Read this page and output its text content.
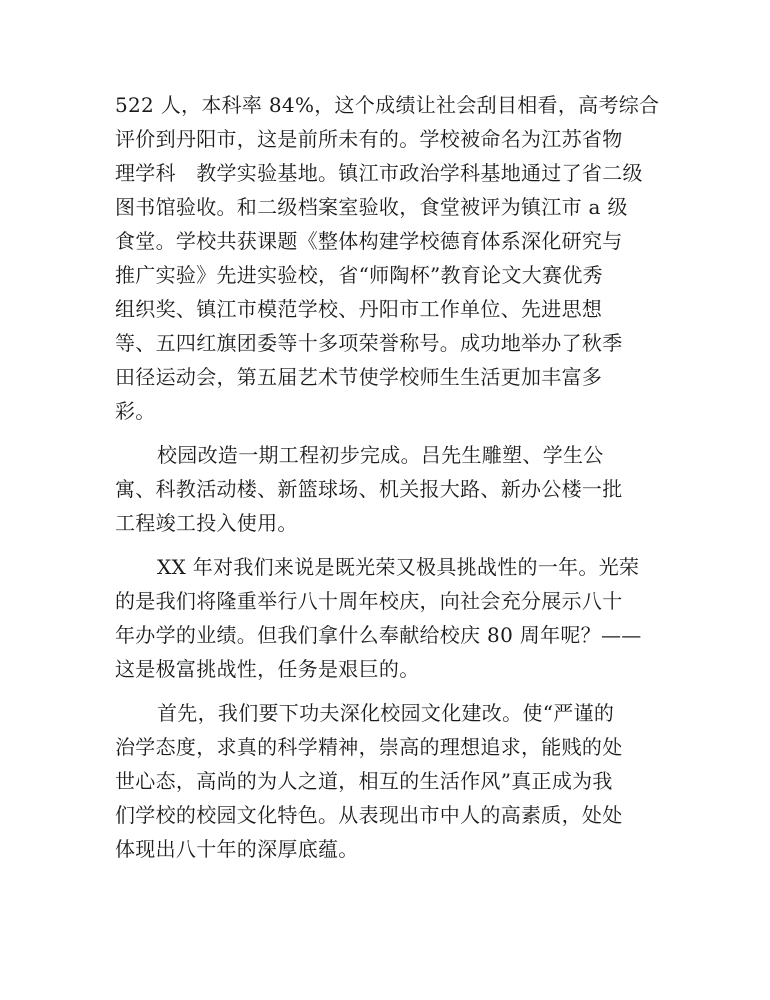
522 人，本科率 84%，这个成绩让社会刮目相看，高考综合
评价到丹阳市，这是前所未有的。学校被命名为江苏省物
理学科　教学实验基地。镇江市政治学科基地通过了省二级
图书馆验收。和二级档案室验收，食堂被评为镇江市 a 级
食堂。学校共获课题《整体构建学校德育体系深化研究与
推广实验》先进实验校，省“师陶杯”教育论文大赛优秀
组织奖、镇江市模范学校、丹阳市工作单位、先进思想
等、五四红旗团委等十多项荣誉称号。成功地举办了秋季
田径运动会，第五届艺术节使学校师生生活更加丰富多
彩。
校园改造一期工程初步完成。吕先生雕塑、学生公
寓、科教活动楼、新篮球场、机关报大路、新办公楼一批
工程竣工投入使用。
XX 年对我们来说是既光荣又极具挑战性的一年。光荣
的是我们将隆重举行八十周年校庆，向社会充分展示八十
年办学的业绩。但我们拿什么奉献给校庆 80 周年呢？——
这是极富挑战性，任务是艰巨的。
首先，我们要下功夫深化校园文化建改。使“严谨的
治学态度，求真的科学精神，崇高的理想追求，能贱的处
世心态，高尚的为人之道，相互的生活作风”真正成为我
们学校的校园文化特色。从表现出市中人的高素质，处处
体现出八十年的深厚底蕴。
